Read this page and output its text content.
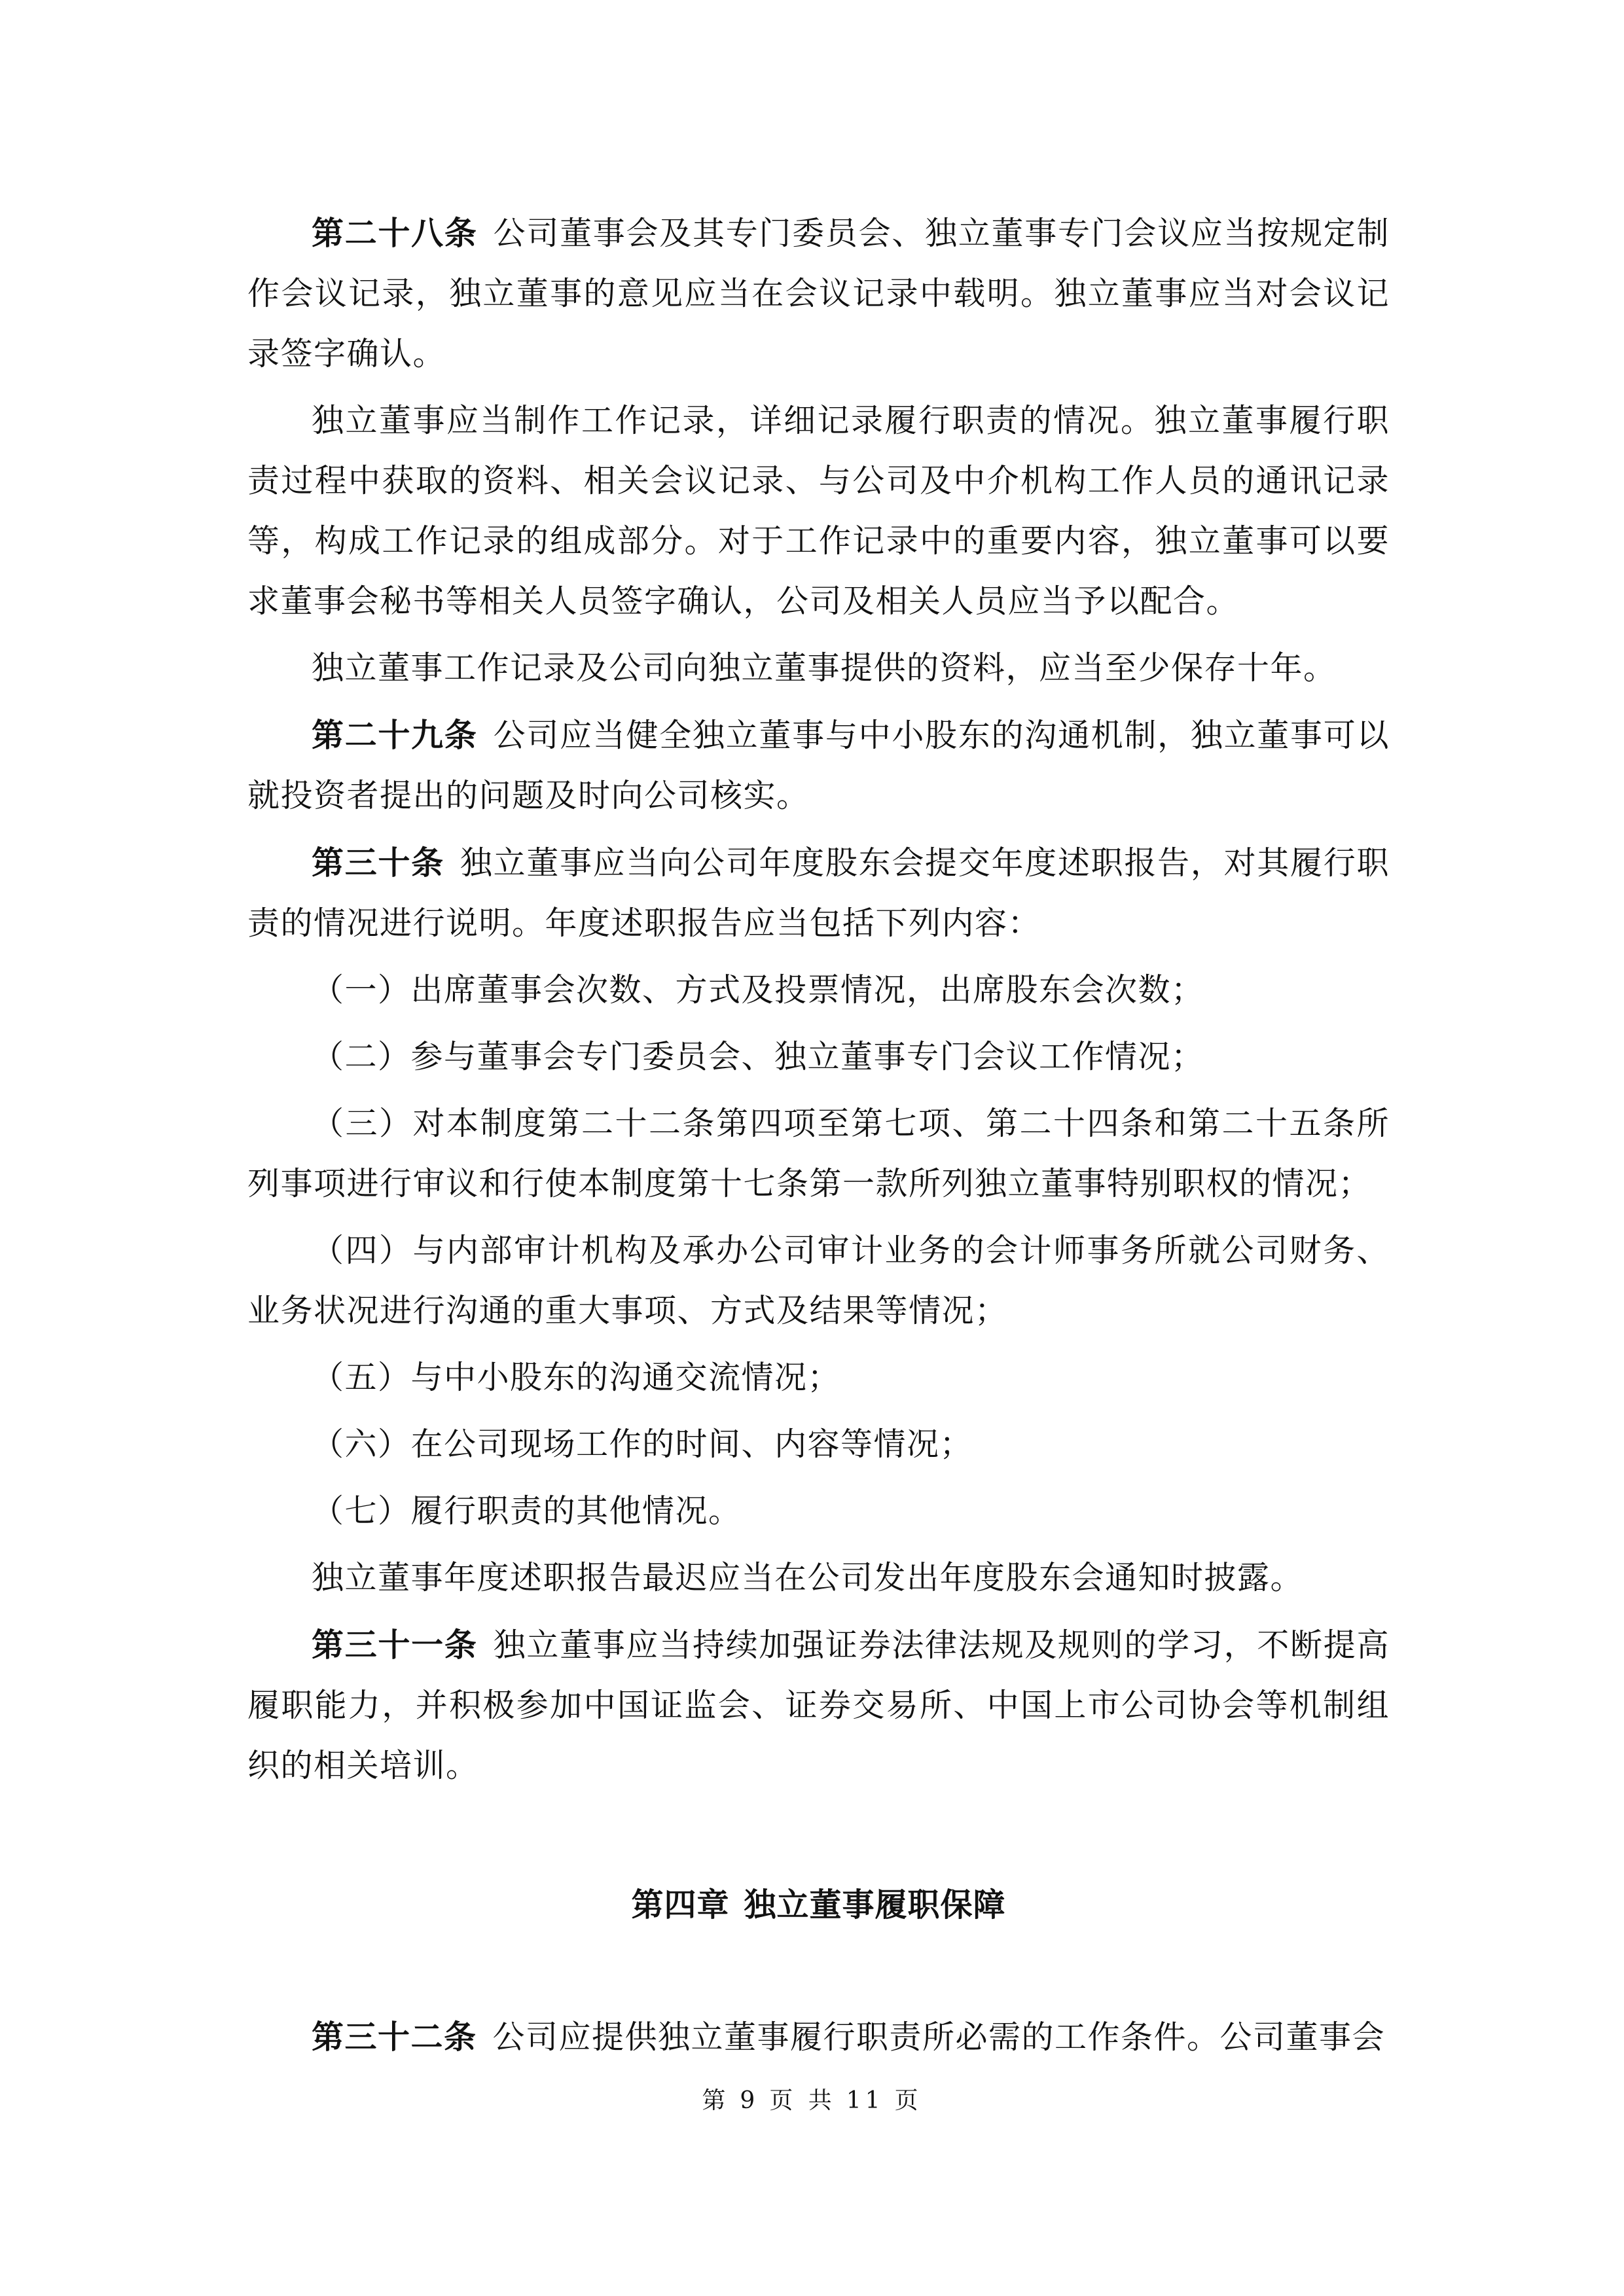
第二十八条 公司董事会及其专门委员会、独立董事专门会议应当按规定制作会议记录，独立董事的意见应当在会议记录中载明。独立董事应当对会议记录签字确认。

独立董事应当制作工作记录，详细记录履行职责的情况。独立董事履行职责过程中获取的资料、相关会议记录、与公司及中介机构工作人员的通讯记录等，构成工作记录的组成部分。对于工作记录中的重要内容，独立董事可以要求董事会秘书等相关人员签字确认，公司及相关人员应当予以配合。

独立董事工作记录及公司向独立董事提供的资料，应当至少保存十年。

第二十九条 公司应当健全独立董事与中小股东的沟通机制，独立董事可以就投资者提出的问题及时向公司核实。

第三十条 独立董事应当向公司年度股东会提交年度述职报告，对其履行职责的情况进行说明。年度述职报告应当包括下列内容：

（一）出席董事会次数、方式及投票情况，出席股东会次数；

（二）参与董事会专门委员会、独立董事专门会议工作情况；

（三）对本制度第二十二条第四项至第七项、第二十四条和第二十五条所列事项进行审议和行使本制度第十七条第一款所列独立董事特别职权的情况；

（四）与内部审计机构及承办公司审计业务的会计师事务所就公司财务、业务状况进行沟通的重大事项、方式及结果等情况；

（五）与中小股东的沟通交流情况；

（六）在公司现场工作的时间、内容等情况；

（七）履行职责的其他情况。

独立董事年度述职报告最迟应当在公司发出年度股东会通知时披露。

第三十一条 独立董事应当持续加强证券法律法规及规则的学习，不断提高履职能力，并积极参加中国证监会、证券交易所、中国上市公司协会等机制组织的相关培训。

第四章 独立董事履职保障

第三十二条 公司应提供独立董事履行职责所必需的工作条件。公司董事会

第 9 页 共 11 页
